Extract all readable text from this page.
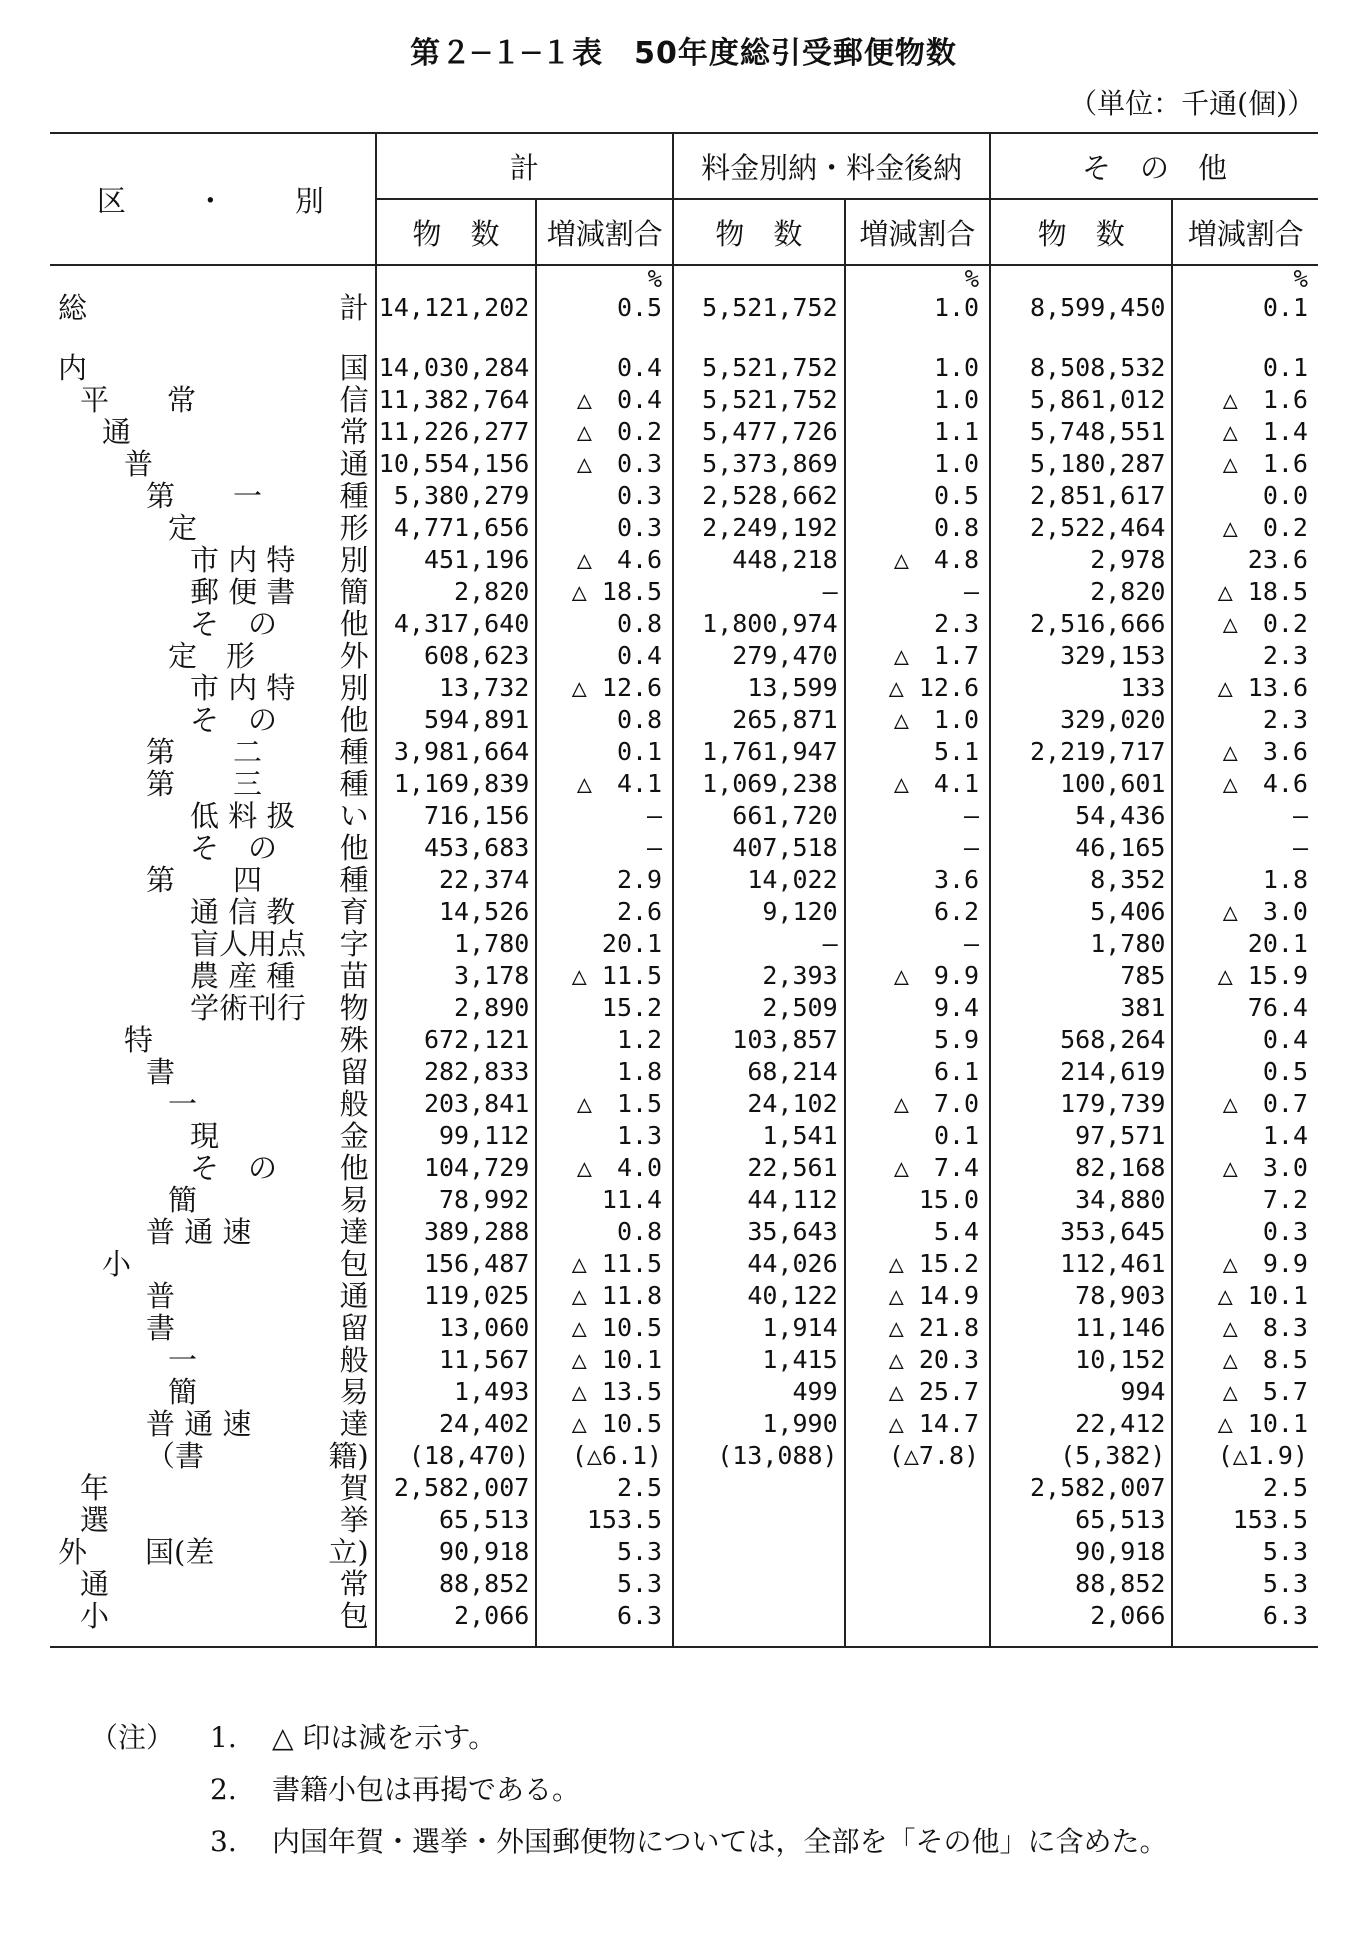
第２─１─１表　50年度総引受郵便物数
（単位：千通(個)）
区　　・　　別	計		料金別納・料金後納		そ　の　他	
	物　数	増減割合	物　数	増減割合	物　数	増減割合
		%		%		%

総 計	14,121,202	0.5	5,521,752	1.0	8,599,450	0.1

内 国	14,030,284	0.4	5,521,752	1.0	8,508,532	0.1

平　　常 信	11,382,764	△　0.4	5,521,752	1.0	5,861,012	△　1.6

通 常	11,226,277	△　0.2	5,477,726	1.1	5,748,551	△　1.4

普 通	10,554,156	△　0.3	5,373,869	1.0	5,180,287	△　1.6

第　　一 種	5,380,279	0.3	2,528,662	0.5	2,851,617	0.0

定 形	4,771,656	0.3	2,249,192	0.8	2,522,464	△　0.2

市 内 特 別	451,196	△　4.6	448,218	△　4.8	2,978	23.6

郵 便 書 簡	2,820	△ 18.5	—	—	2,820	△ 18.5

そ　の 他	4,317,640	0.8	1,800,974	2.3	2,516,666	△　0.2

定　形 外	608,623	0.4	279,470	△　1.7	329,153	2.3

市 内 特 別	13,732	△ 12.6	13,599	△ 12.6	133	△ 13.6

そ　の 他	594,891	0.8	265,871	△　1.0	329,020	2.3

第　　二 種	3,981,664	0.1	1,761,947	5.1	2,219,717	△　3.6

第　　三 種	1,169,839	△　4.1	1,069,238	△　4.1	100,601	△　4.6

低 料 扱 い	716,156	—	661,720	—	54,436	—

そ　の 他	453,683	—	407,518	—	46,165	—

第　　四 種	22,374	2.9	14,022	3.6	8,352	1.8

通 信 教 育	14,526	2.6	9,120	6.2	5,406	△　3.0

盲人用点 字	1,780	20.1	—	—	1,780	20.1

農 産 種 苗	3,178	△ 11.5	2,393	△　9.9	785	△ 15.9

学術刊行 物	2,890	15.2	2,509	9.4	381	76.4

特 殊	672,121	1.2	103,857	5.9	568,264	0.4

書 留	282,833	1.8	68,214	6.1	214,619	0.5

一 般	203,841	△　1.5	24,102	△　7.0	179,739	△　0.7

現 金	99,112	1.3	1,541	0.1	97,571	1.4

そ　の 他	104,729	△　4.0	22,561	△　7.4	82,168	△　3.0

簡 易	78,992	11.4	44,112	15.0	34,880	7.2

普 通 速 達	389,288	0.8	35,643	5.4	353,645	0.3

小 包	156,487	△ 11.5	44,026	△ 15.2	112,461	△　9.9

普 通	119,025	△ 11.8	40,122	△ 14.9	78,903	△ 10.1

書 留	13,060	△ 10.5	1,914	△ 21.8	11,146	△　8.3

一 般	11,567	△ 10.1	1,415	△ 20.3	10,152	△　8.5

簡 易	1,493	△ 13.5	499	△ 25.7	994	△　5.7

普 通 速 達	24,402	△ 10.5	1,990	△ 14.7	22,412	△ 10.1

（書 籍)	(18,470)	(△6.1)	(13,088)	(△7.8)	(5,382)	(△1.9)

年 賀	2,582,007	2.5			2,582,007	2.5

選 挙	65,513	153.5			65,513	153.5

外　　国(差 立)	90,918	5.3			90,918	5.3

通 常	88,852	5.3			88,852	5.3

小 包	2,066	6.3			2,066	6.3
（注） 1. △ 印は減を示す。
2. 書籍小包は再掲である。
3. 内国年賀・選挙・外国郵便物については，全部を「その他」に含めた。
